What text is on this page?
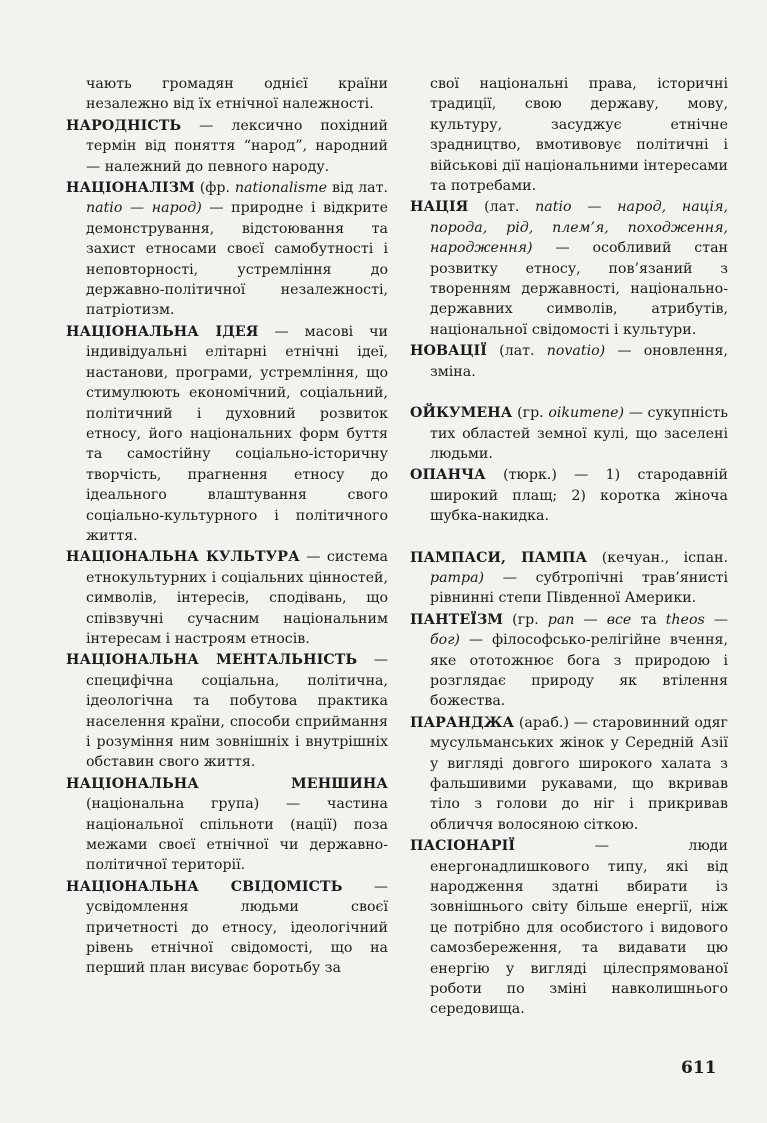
чають громадян однієї країни незалежно від їх етнічної належності.

НАРОДНІСТЬ — лексично похідний термін від поняття “народ”, народний — належний до певного народу.

НАЦІОНАЛІЗМ (фр. nationalisme від лат. natio — народ) — природне і відкрите демонстрування, відстоювання та захист етносами своєї самобутності і неповторності, устремління до державно-політичної незалежності, патріотизм.

НАЦІОНАЛЬНА ІДЕЯ — масові чи індивідуальні елітарні етнічні ідеї, настанови, програми, устремління, що стимулюють економічний, соціальний, політичний і духовний розвиток етносу, його національних форм буття та самостійну соціально-історичну творчість, прагнення етносу до ідеального влаштування свого соціально-культурного і політичного життя.

НАЦІОНАЛЬНА КУЛЬТУРА — система етнокультурних і соціальних цінностей, символів, інтересів, сподівань, що співзвучні сучасним національним інтересам і настроям етносів.

НАЦІОНАЛЬНА МЕНТАЛЬНІСТЬ — специфічна соціальна, політична, ідеологічна та побутова практика населення країни, способи сприймання і розуміння ним зовнішніх і внутрішніх обставин свого життя.

НАЦІОНАЛЬНА МЕНШИНА (національна група) — частина національної спільноти (нації) поза межами своєї етнічної чи державно-політичної території.

НАЦІОНАЛЬНА СВІДОМІСТЬ — усвідомлення людьми своєї причетності до етносу, ідеологічний рівень етнічної свідомості, що на перший план висуває боротьбу за

свої національні права, історичні традиції, свою державу, мову, культуру, засуджує етнічне зрадництво, вмотивовує політичні і військові дії національними інтересами та потребами.

НАЦІЯ (лат. natio — народ, нація, порода, рід, плем’я, походження, народження) — особливий стан розвитку етносу, пов’язаний з творенням державності, національно-державних символів, атрибутів, національної свідомості і культури.

НОВАЦІЇ (лат. novatio) — оновлення, зміна.

ОЙКУМЕНА (гр. oikumene) — сукупність тих областей земної кулі, що заселені людьми.

ОПАНЧА (тюрк.) — 1) стародавній широкий плащ; 2) коротка жіноча шубка-накидка.

ПАМПАСИ, ПАМПА (кечуан., іспан. pampa) — субтропічні трав’янисті рівнинні степи Південної Америки.

ПАНТЕЇЗМ (гр. pan — все та theos — бог) — філософсько-релігійне вчення, яке ототожнює бога з природою і розглядає природу як втілення божества.

ПАРАНДЖА (араб.) — старовинний одяг мусульманських жінок у Середній Азії у вигляді довгого широкого халата з фальшивими рукавами, що вкривав тіло з голови до ніг і прикривав обличчя волосяною сіткою.

ПАСІОНАРІЇ	— люди енергонадлишкового типу, які від народження здатні вбирати із зовнішнього світу більше енергії, ніж це потрібно для особистого і видового самозбереження, та видавати цю енергію у вигляді цілеспрямованої роботи по зміні навколишнього середовища.

611
